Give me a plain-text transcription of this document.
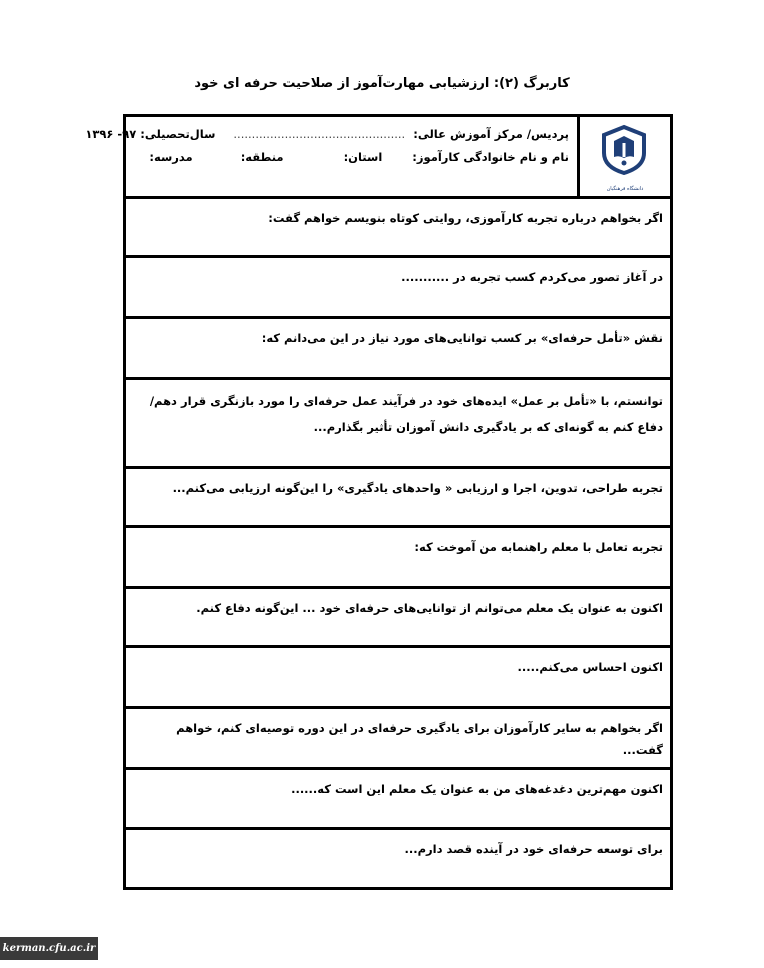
کاربرگ (۲): ارزشیابی مهارت‌آموز از صلاحیت حرفه ای خود
دانشگاه فرهنگیان
پردیس/ مرکز آموزش عالی: ............................................... سال‌تحصیلی: ۹۷- ۱۳۹۶
نام و نام خانوادگی کارآموز: استان: منطقه: مدرسه:
اگر بخواهم درباره تجربه کارآموزی، روایتی کوتاه بنویسم خواهم گفت:
در آغاز تصور می‌کردم کسب تجربه در ...........
نقش «تأمل حرفه‌ای» بر کسب توانایی‌های مورد نیاز در این می‌دانم که:
توانستم، با «تأمل بر عمل» ایده‌های خود در فرآیند عمل حرفه‌ای را مورد بازنگری قرار دهم/ دفاع کنم به گونه‌ای که بر یادگیری دانش آموزان تأثیر بگذارم...
تجربه طراحی، تدوین، اجرا و ارزیابی « واحدهای یادگیری» را این‌گونه ارزیابی می‌کنم...
تجربه تعامل با معلم راهنمابه من آموخت که:
اکنون به عنوان یک معلم می‌توانم از توانایی‌های حرفه‌ای خود ... این‌گونه دفاع کنم.
اکنون احساس می‌کنم.....
اگر بخواهم به سایر کارآموزان برای یادگیری حرفه‌ای در این دوره توصیه‌ای کنم، خواهم گفت...
اکنون مهم‌ترین دغدغه‌های من به عنوان یک معلم این است که......
برای توسعه حرفه‌ای خود در آینده قصد دارم...
kerman.cfu.ac.ir
